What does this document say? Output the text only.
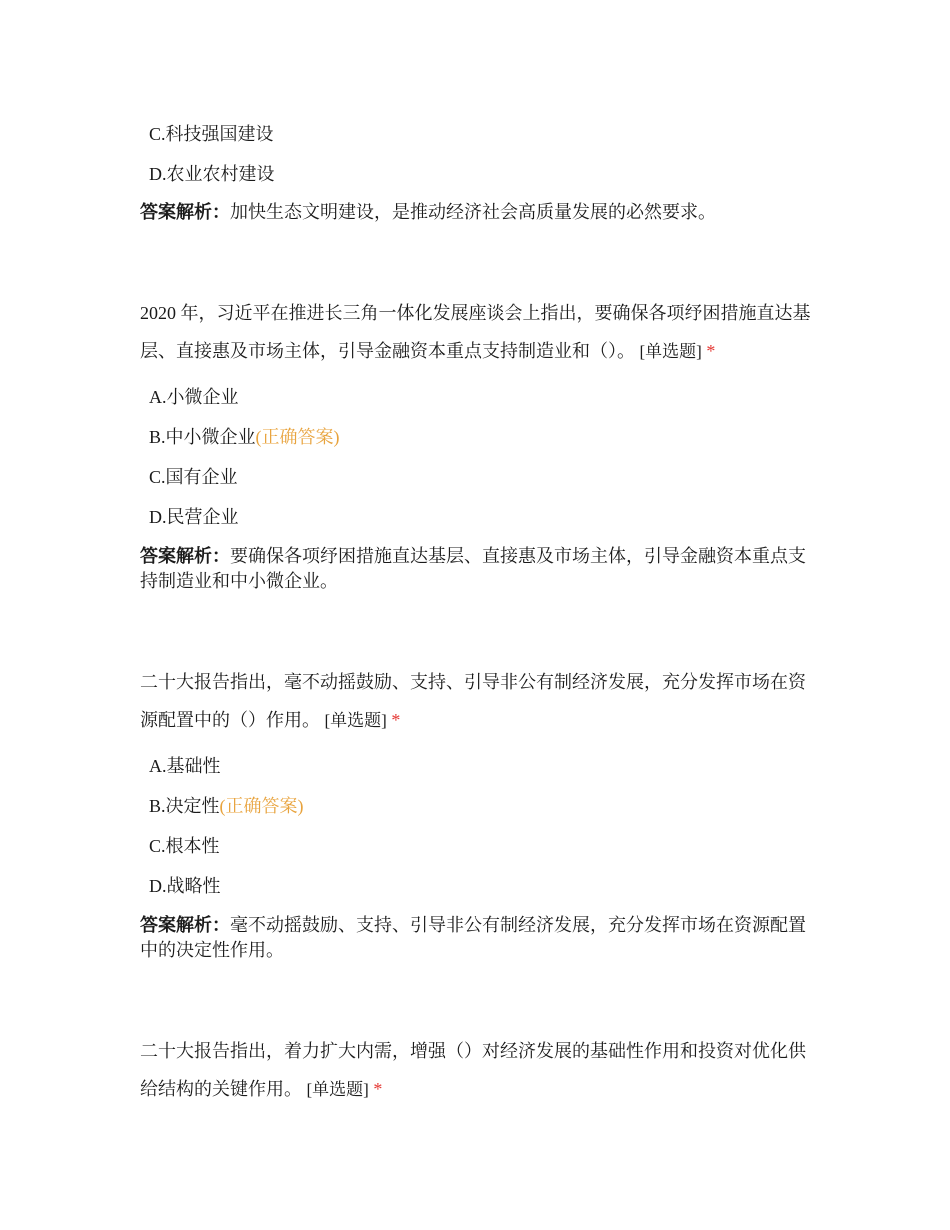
C.科技强国建设
D.农业农村建设
答案解析：加快生态文明建设，是推动经济社会高质量发展的必然要求。
2020 年，习近平在推进长三角一体化发展座谈会上指出，要确保各项纾困措施直达基层、直接惠及市场主体，引导金融资本重点支持制造业和（）。 [单选题] *
A.小微企业
B.中小微企业(正确答案)
C.国有企业
D.民营企业
答案解析：要确保各项纾困措施直达基层、直接惠及市场主体，引导金融资本重点支持制造业和中小微企业。
二十大报告指出，毫不动摇鼓励、支持、引导非公有制经济发展，充分发挥市场在资源配置中的（）作用。 [单选题] *
A.基础性
B.决定性(正确答案)
C.根本性
D.战略性
答案解析：毫不动摇鼓励、支持、引导非公有制经济发展，充分发挥市场在资源配置中的决定性作用。
二十大报告指出，着力扩大内需，增强（）对经济发展的基础性作用和投资对优化供给结构的关键作用。 [单选题] *
